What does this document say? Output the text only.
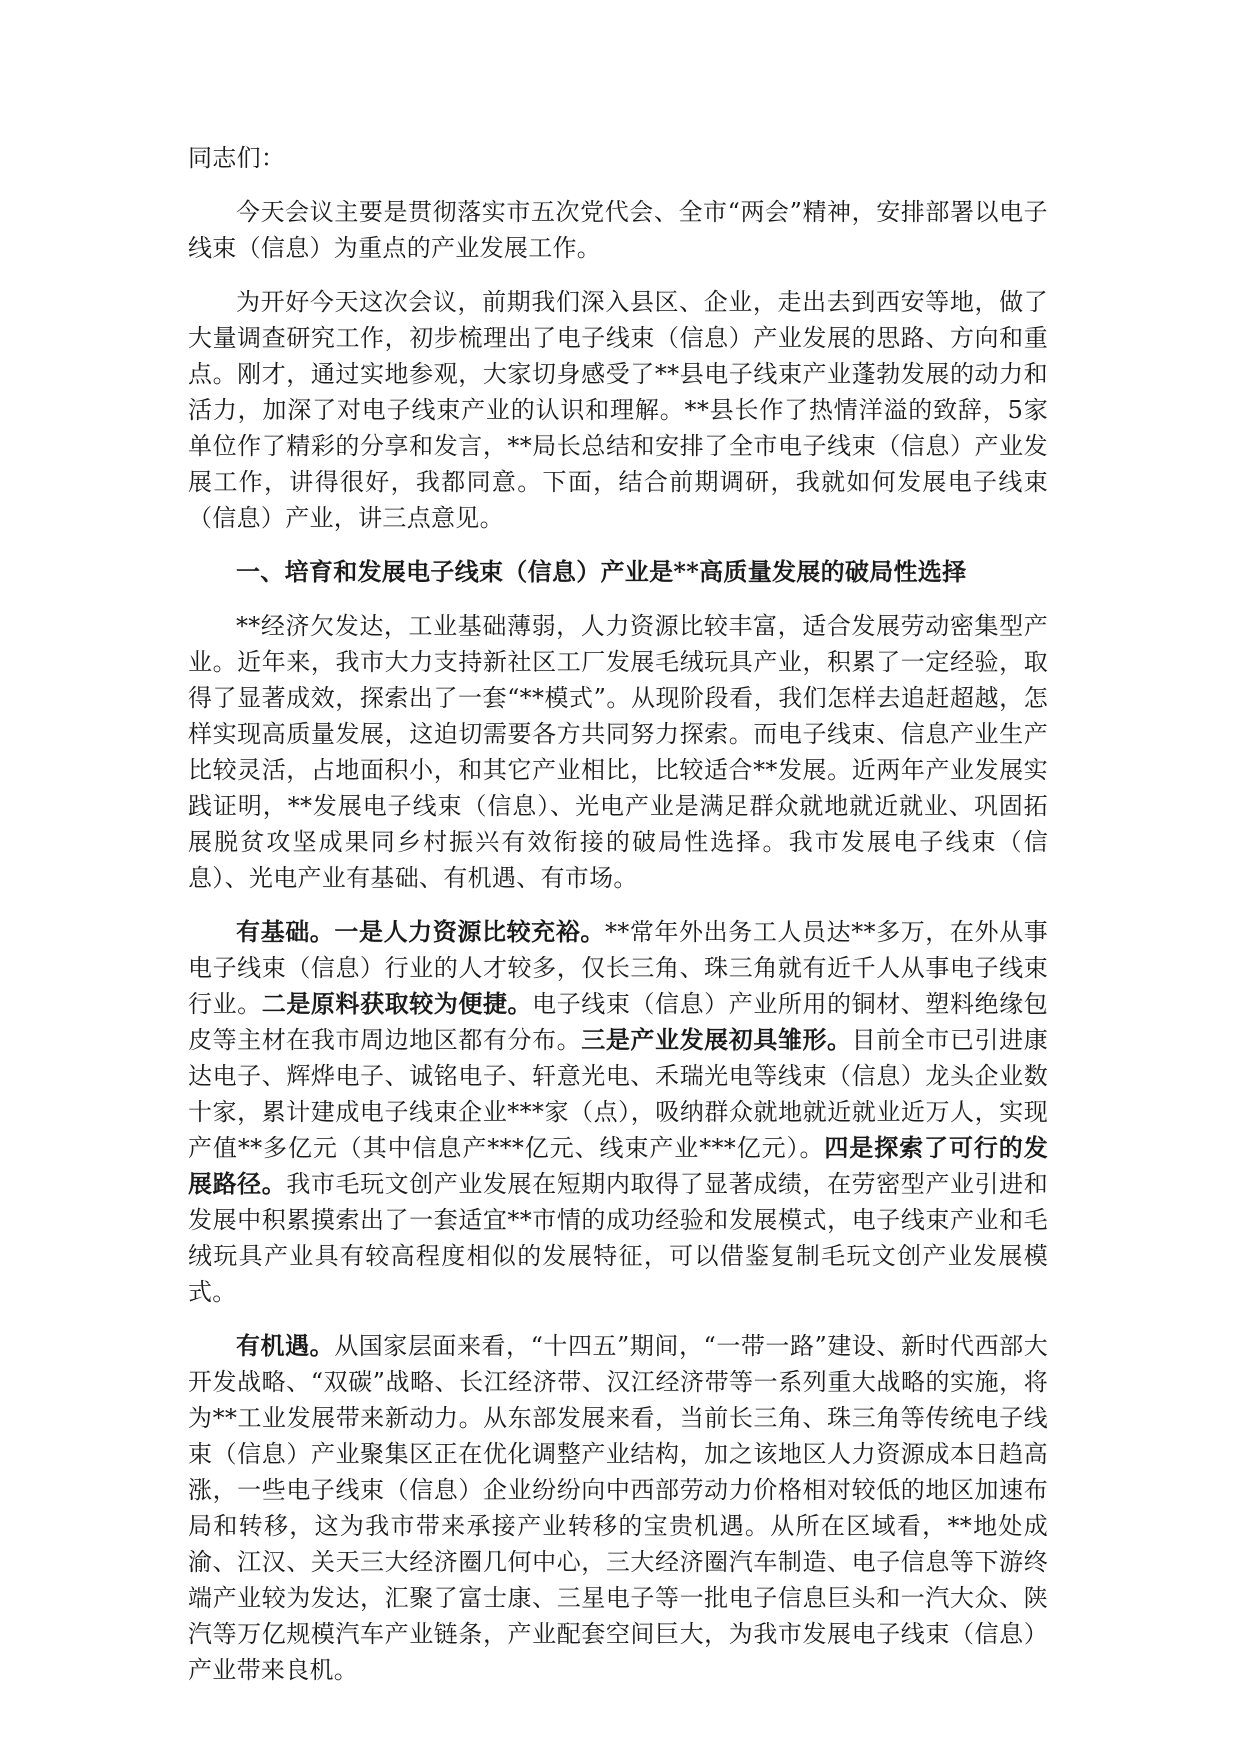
同志们：

今天会议主要是贯彻落实市五次党代会、全市“两会”精神，安排部署以电子线束（信息）为重点的产业发展工作。

为开好今天这次会议，前期我们深入县区、企业，走出去到西安等地，做了大量调查研究工作，初步梳理出了电子线束（信息）产业发展的思路、方向和重点。刚才，通过实地参观，大家切身感受了**县电子线束产业蓬勃发展的动力和活力，加深了对电子线束产业的认识和理解。**县长作了热情洋溢的致辞，5家单位作了精彩的分享和发言，**局长总结和安排了全市电子线束（信息）产业发展工作，讲得很好，我都同意。下面，结合前期调研，我就如何发展电子线束（信息）产业，讲三点意见。

一、培育和发展电子线束（信息）产业是**高质量发展的破局性选择

**经济欠发达，工业基础薄弱，人力资源比较丰富，适合发展劳动密集型产业。近年来，我市大力支持新社区工厂发展毛绒玩具产业，积累了一定经验，取得了显著成效，探索出了一套“**模式”。从现阶段看，我们怎样去追赶超越，怎样实现高质量发展，这迫切需要各方共同努力探索。而电子线束、信息产业生产比较灵活，占地面积小，和其它产业相比，比较适合**发展。近两年产业发展实践证明，**发展电子线束（信息）、光电产业是满足群众就地就近就业、巩固拓展脱贫攻坚成果同乡村振兴有效衔接的破局性选择。我市发展电子线束（信息）、光电产业有基础、有机遇、有市场。

有基础。一是人力资源比较充裕。**常年外出务工人员达**多万，在外从事电子线束（信息）行业的人才较多，仅长三角、珠三角就有近千人从事电子线束行业。二是原料获取较为便捷。电子线束（信息）产业所用的铜材、塑料绝缘包皮等主材在我市周边地区都有分布。三是产业发展初具雏形。目前全市已引进康达电子、辉烨电子、诚铭电子、轩意光电、禾瑞光电等线束（信息）龙头企业数十家，累计建成电子线束企业***家（点），吸纳群众就地就近就业近万人，实现产值**多亿元（其中信息产***亿元、线束产业***亿元）。四是探索了可行的发展路径。我市毛玩文创产业发展在短期内取得了显著成绩，在劳密型产业引进和发展中积累摸索出了一套适宜**市情的成功经验和发展模式，电子线束产业和毛绒玩具产业具有较高程度相似的发展特征，可以借鉴复制毛玩文创产业发展模式。

有机遇。从国家层面来看，“十四五”期间，“一带一路”建设、新时代西部大开发战略、“双碳”战略、长江经济带、汉江经济带等一系列重大战略的实施，将为**工业发展带来新动力。从东部发展来看，当前长三角、珠三角等传统电子线束（信息）产业聚集区正在优化调整产业结构，加之该地区人力资源成本日趋高涨，一些电子线束（信息）企业纷纷向中西部劳动力价格相对较低的地区加速布局和转移，这为我市带来承接产业转移的宝贵机遇。从所在区域看，**地处成渝、江汉、关天三大经济圈几何中心，三大经济圈汽车制造、电子信息等下游终端产业较为发达，汇聚了富士康、三星电子等一批电子信息巨头和一汽大众、陕汽等万亿规模汽车产业链条，产业配套空间巨大，为我市发展电子线束（信息）产业带来良机。
